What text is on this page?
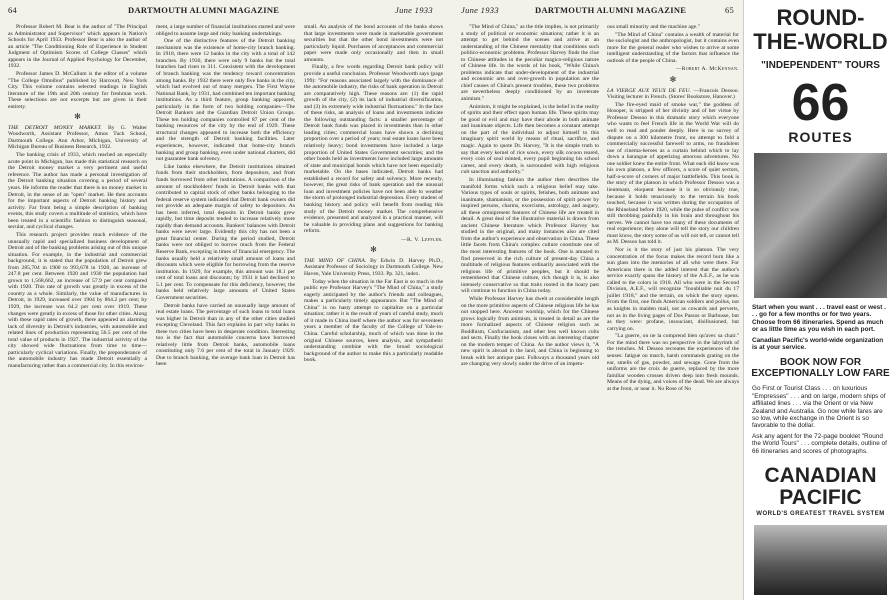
64	DARTMOUTH ALUMNI MAGAZINE	June 1933

Professor Robert M. Bear is the author of "The Principal as Administrator and Supervisor" which appears in Nation's Schools for April 1933. Professor Bear is also the author of an article "The Conditioning Role of Experience in Student Judgment of Optimism Scores of College Classes" which appears in the Journal of Applied Psychology for December, 1932.

Professor James D. McCallum is the editor of a volume "The College Omnibus" published by Harcourt, New York City. This volume contains selected readings in English literature of the 19th and 20th century for freshman work. These selections are not excerpts but are given in their entirety.

✻

THE DETROIT MONEY MARKET. By G. Walter Woodworth, Assistant Professor, Amos Tuck School, Dartmouth College. Ann Arbor, Michigan, University of Michigan Bureau of Business Research, 1932.

The banking crisis of 1933, which reached an especially acute point in Michigan, has made this statistical research on the Detroit money market a very pertinent and useful reference. The author has made a personal investigation of the Detroit banking situation covering a period of several years. He informs the reader that there is no money market in Detroit, in the sense of an "open" market. He then accounts for the important aspects of Detroit banking history and activity. Far from being a simple description of banking events, this study covers a multitude of statistics, which have been treated in a scientific fashion to distinguish seasonal, secular, and cyclical changes.

This research project provides much evidence of the unusually rapid and specialized business development of Detroit and of the banking problems arising out of this unique situation. For example, in the industrial and commercial background, it is stated that the population of Detroit grew from 285,704 in 1900 to 993,678 in 1920, an increase of 247.8 per cent. Between 1920 and 1930 the population had grown to 1,568,662, an increase of 57.9 per cent compared with 1920. This rate of growth was greatly in excess of the country as a whole. Similarly, the value of manufactures in Detroit, in 1929, increased over 1904 by 864.2 per cent; by 1929, the increase was 64.2 per cent over 1919. These changes were greatly in excess of those for other cities. Along with these rapid rates of growth, there appeared an alarming lack of diversity in Detroit's industries, with automobile and related lines of production representing 56.5 per cent of the total value of products in 1927. The industrial activity of the city showed wide fluctuations from time to time—particularly cyclical variations. Finally, the preponderance of the automobile industry has made Detroit essentially a manufacturing rather than a commercial city. In this environ-

ment, a large number of financial institutions started and were obliged to assume large and risky banking undertakings.

One of the distinctive features of the Detroit banking mechanism was the existence of home-city branch banking. In 1918, there were 12 banks in the city with a total of 142 branches. By 1930, there were only 9 banks but the total branches had risen to 311. Coexistent with the development of branch banking was the tendency toward concentration among banks. By 1932 there were only five banks in the city, which had evolved out of many mergers. The First Wayne National Bank, by 1931, had combined ten important banking institutions. As a third feature, group banking appeared, particularly in the form of two holding companies—The Detroit Bankers and the Guardian Detroit Union Groups. These ten holding companies controlled 87 per cent of the banking resources of the city by the end of 1929. These structural changes appeared to increase both the efficiency and the strength of Detroit banking facilities. Later experiences, however, indicated that home-city branch banking and group banking, even under national charters, did not guarantee bank solvency.

Like banks elsewhere, the Detroit institutions obtained funds from their stockholders, from depositors, and from funds borrowed from other institutions. A comparison of the amount of stockholders' funds in Detroit banks with that contributed to capital stock of other banks belonging to the federal reserve system indicated that Detroit bank owners did not provide an adequate margin of safety to depositors. As has been inferred, total deposits in Detroit banks grew rapidly, but time deposits tended to increase relatively more rapidly than demand accounts. Bankers' balances with Detroit banks were never large. Evidently this city has not been a great financial center. During the period studied, Detroit banks were not obliged to borrow much from the Federal Reserve Bank, excepting in times of financial emergency. The banks usually held a relatively small amount of loans and discounts which were eligible for borrowing from the reserve institution. In 1929, for example, this amount was 18.1 per cent of total loans and discounts; by 1931 it had declined to 5.1 per cent. To compensate for this deficiency, however, the banks held relatively large amounts of United States Government securities.

Detroit banks have carried an unusually large amount of real estate loans. The percentage of such loans to total loans was higher in Detroit than in any of the other cities studied excepting Cleveland. This fact explains in part why banks in these two cities have been in desperate condition. Interesting too is the fact that automobile concerns have borrowed relatively little from Detroit banks, automobile loans constituting only 7.6 per cent of the total in January 1929. Due to branch banking, the average bank loan in Detroit has been

small. An analysis of the bond accounts of the banks shows that large investments were made in marketable government securities but that the other bond investments were not particularly liquid. Purchases of acceptances and commercial paper were made only occasionally and then in small amounts.

Finally, a few words regarding Detroit bank policy will provide a useful conclusion. Professor Woodworth says (page 199): "For reasons associated largely with the dominance of the automobile industry, the risks of bank operation in Detroit are comparatively high. These reasons are: (1) the rapid growth of the city, (2) its lack of industrial diversification, and (3) its extremely wide industrial fluctuations." In the face of these risks, an analysis of loans and investments indicate the following outstanding facts: a smaller percentage of Detroit bank funds was placed in investments than in other leading cities; commercial loans have shown a declining proportion over a period of years; real estate loans have been relatively heavy; bond investments have included a large proportion of United States Government securities; and the other bonds held as investments have included large amounts of state and municipal bonds which have not been especially marketable. On the bases indicated, Detroit banks had established a record for safety and solvency. More recently, however, the great risks of bank operation and the unusual loan and investment policies have not been able to weather the storm of prolonged industrial depression. Every student of banking history and policy will benefit from reading this study of the Detroit money market. The comprehensive evidence, presented and analyzed in a practical manner, will be valuable in providing plans and suggestions for banking reform.

—R. V. Leffler.

✻

THE MIND OF CHINA. By Edwin D. Harvey Ph.D., Assistant Professor of Sociology in Dartmouth College. New Haven, Yale University Press, 1933. Pp. 321, index.

Today when the situation in the Far East is so much in the public eye Professor Harvey's "The Mind of China," a study eagerly anticipated by the author's friends and colleagues, makes a particularly timely appearance. But "The Mind of China" is no hasty attempt to capitalize on a particular situation; rather it is the result of years of careful study, much of it made in China itself where the author was for seventeen years a member of the faculty of the College of Yale-in-China. Careful scholarship, much of which was done in the original Chinese sources, keen analysis, and sympathetic understanding combine with the broad sociological background of the author to make this a particularly readable book.

June 1933	DARTMOUTH ALUMNI MAGAZINE	65

"The Mind of China," as the title implies, is not primarily a study of political or economic situations; rather it is an attempt to get behind the scenes and arrive at an understanding of the Chinese mentality that conditions such politico-economic problems. Professor Harvey finds the clue to Chinese attitudes in the peculiar magico-religious nature of Chinese life. In the words of his book, "While China's problems indicate that under-development of the industrial and economic arts and over-growth in population are the chief causes of China's present troubles, these two problems are nevertheless deeply conditioned by an inveterate animism."

Animism, it might be explained, is the belief in the reality of spirits and their effect upon human life. These spirits may be good or evil and may have their abode in both animate and inanimate objects. Life then becomes a constant attempt on the part of the individual to adjust himself to this imaginary spirit world by means of ritual, sacrifice, and magic. Again to quote Dr. Harvey, "It is the simple truth to say that every kernel of rice sown, every silk cocoon reared, every coin of soul minted, every pupil beginning his school career, and every death, is surrounded with high religious cult sanction and authority."

In illuminating fashion the author then describes the manifold forms which such a religious belief may take. Various types of souls or spirits, fetishes, both animate and inanimate, shamanism, or the possession of spirit power by inspired persons, charms, exorcisms, astrology, and augury, all these omnipresent features of Chinese life are treated in detail. A great deal of the illustrative material is drawn from ancient Chinese literature which Professor Harvey has studied in the original, and many instances also are cited from the author's experience and observation in China. These little facets from China's complex culture constitute one of the most interesting features of the book. One is amazed to find preserved in the rich culture of present-day China a multitude of religious features ordinarily associated with the religious life of primitive peoples, but it should be remembered that Chinese culture, rich though it is, is also intensely conservative so that traits rooted in the hoary past will continue to function in China today.

While Professor Harvey has dwelt at considerable length on the more primitive aspects of Chinese religious life he has not stopped here. Ancestor worship, which for the Chinese grows logically from animism, is treated in detail as are the more formalized aspects of Chinese religion such as Buddhism, Confucianism, and other less well known cults and sects. Finally the book closes with an interesting chapter on the modern temper of China. As the author views it, "A new spirit is abroad in the land, and China is beginning to break with her antique past. Folkways a thousand years old are changing very slowly under the drive of an impetu-

ous small minority and the machine age."

"The Mind of China" contains a wealth of material for the sociologist and the anthropologist, but it contains even more for the general reader who wishes to arrive at some intelligent understanding of the factors that influence the outlook of the people of China.

—Robert A. McKennan.

✻

LA VIERGE AUX YEUX DE FEU. —Francois Dessoo. Visiting lecturer in French. (Stores' Bookstore, Hanover.)

The fire-eyed maid of smoke war," the goddess of Hosoper, is stripped of her divinity and of her virtue by Professor Dessoo in this dramatic story which everyone who wants to feel French life in the World War will do well to read and ponder deeply. Here is no survey of dispute on a 300 kilometre front, no attempt to fold a commercially successful farewell to arms, no fraudulent use of cinema-heroes as a curtain behind which to lay down a harangue of appetizing amorous adventures. No one soldier knew the entire front. What each did know was his own platoon, a few officers, a score of quiet sectors, half-a-score of corners of major battlefields. This book is the story of the platoon in which Professor Dessoo was a lieutenant, eloquent because it is so obviously true, because it holds tenaciously to the terrain his book touched, because it was written during the occupation of the Rhineland before 1920, while the pulse of conflict was still throbbing painfully in his brain and throughout his nerves. We cannot have too many of these documents of real experience; they alone will tell the story our children must know, the story some of us will not tell, or cannot tell as M. Dessoo has told it.

Nor is it the story of just his platoon. The very concentration of the focus makes the record burn like a sun glass into the memories of all who were there. For Americans there is the added interest that the author's service exactly spans the history of the A.E.F., as he was called to the colors in 1918. All who were in the Second Division, A.E.F., will recognize "Inoubliable nuit du 17 juillet 1918," and the terrain, on which the story opens. From the first, one finds American soldiers and poilus, not as knights in maiden mail, not as cowards and perverts, not as in the living pages of Dos Passos or Barbusse, but as they were: profane, insouciant, disillusioned, but carrying on.

"La guerre, on ne la comprend bien qu'avec sa chair." For the mind there was no perspective in the labyrinth of the trenches. M. Dessoo recreates the experiences of the senses: fatigue on march, harsh commands grating on the ear, smells of gas, powder, and sewage. Gone from the uniforms are the croix de guerre, replaced by the more familiar wooden crosses driven deep into fresh mounds. Means of the dying, and voices of the dead. We are always at the front, or near it. No Rose of No

ROUND-
THE-WORLD
"INDEPENDENT" TOURS
66
ROUTES
Start when you want . . . travel east or west . . . go for a few months or for two years. Choose from 66 itineraries. Spend as much or as little time as you wish in each port.
Canadian Pacific's world-wide organization is at your service.
BOOK NOW FOR EXCEPTIONALLY LOW FARE
Go First or Tourist Class . . . on luxurious "Empresses" . . . and on large, modern ships of affiliated lines . . . via the Orient or via New Zealand and Australia. Go now while fares are so low, while exchange in the Orient is so favorable to the dollar.
Ask any agent for the 72-page booklet "Round the World Tours" . . . complete details, outline of 66 itineraries and scores of photographs.
CANADIAN
PACIFIC
WORLD'S GREATEST TRAVEL SYSTEM
